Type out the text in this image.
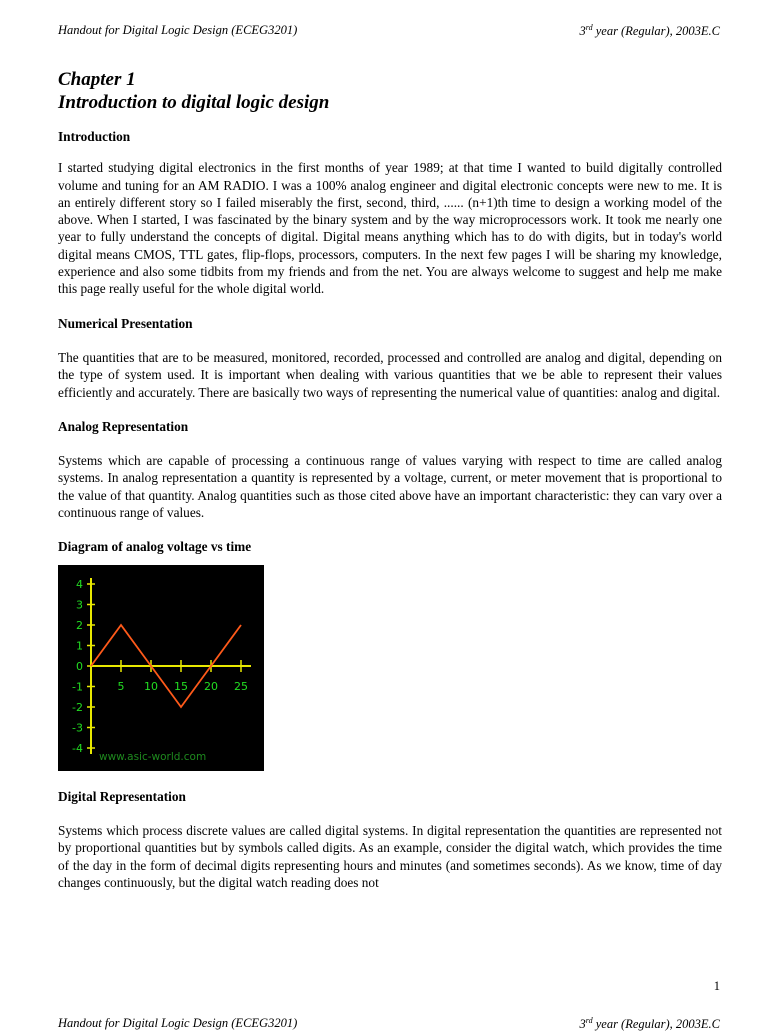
Handout for Digital Logic Design (ECEG3201)	3rd year (Regular), 2003E.C
Chapter 1
Introduction to digital logic design
Introduction

I started studying digital electronics in the first months of year 1989; at that time I wanted to build digitally controlled volume and tuning for an AM RADIO. I was a 100% analog engineer and digital electronic concepts were new to me. It is an entirely different story so I failed miserably the first, second, third, ...... (n+1)th time to design a working model of the above. When I started, I was fascinated by the binary system and by the way microprocessors work. It took me nearly one year to fully understand the concepts of digital. Digital means anything which has to do with digits, but in today's world digital means CMOS, TTL gates, flip-flops, processors, computers. In the next few pages I will be sharing my knowledge, experience and also some tidbits from my friends and from the net. You are always welcome to suggest and help me make this page really useful for the whole digital world.

Numerical Presentation

The quantities that are to be measured, monitored, recorded, processed and controlled are analog and digital, depending on the type of system used. It is important when dealing with various quantities that we be able to represent their values efficiently and accurately. There are basically two ways of representing the numerical value of quantities: analog and digital.

Analog Representation

Systems which are capable of processing a continuous range of values varying with respect to time are called analog systems. In analog representation a quantity is represented by a voltage, current, or meter movement that is proportional to the value of that quantity. Analog quantities such as those cited above have an important characteristic: they can vary over a continuous range of values.

Diagram of analog voltage vs time
4
3
2
1
0
-1
-2
-3
-4
5 10 15 20 25
www.asic-world.com
Digital Representation

Systems which process discrete values are called digital systems. In digital representation the quantities are represented not by proportional quantities but by symbols called digits. As an example, consider the digital watch, which provides the time of the day in the form of decimal digits representing hours and minutes (and sometimes seconds). As we know, time of day changes continuously, but the digital watch reading does not

1
Handout for Digital Logic Design (ECEG3201)	3rd year (Regular), 2003E.C
